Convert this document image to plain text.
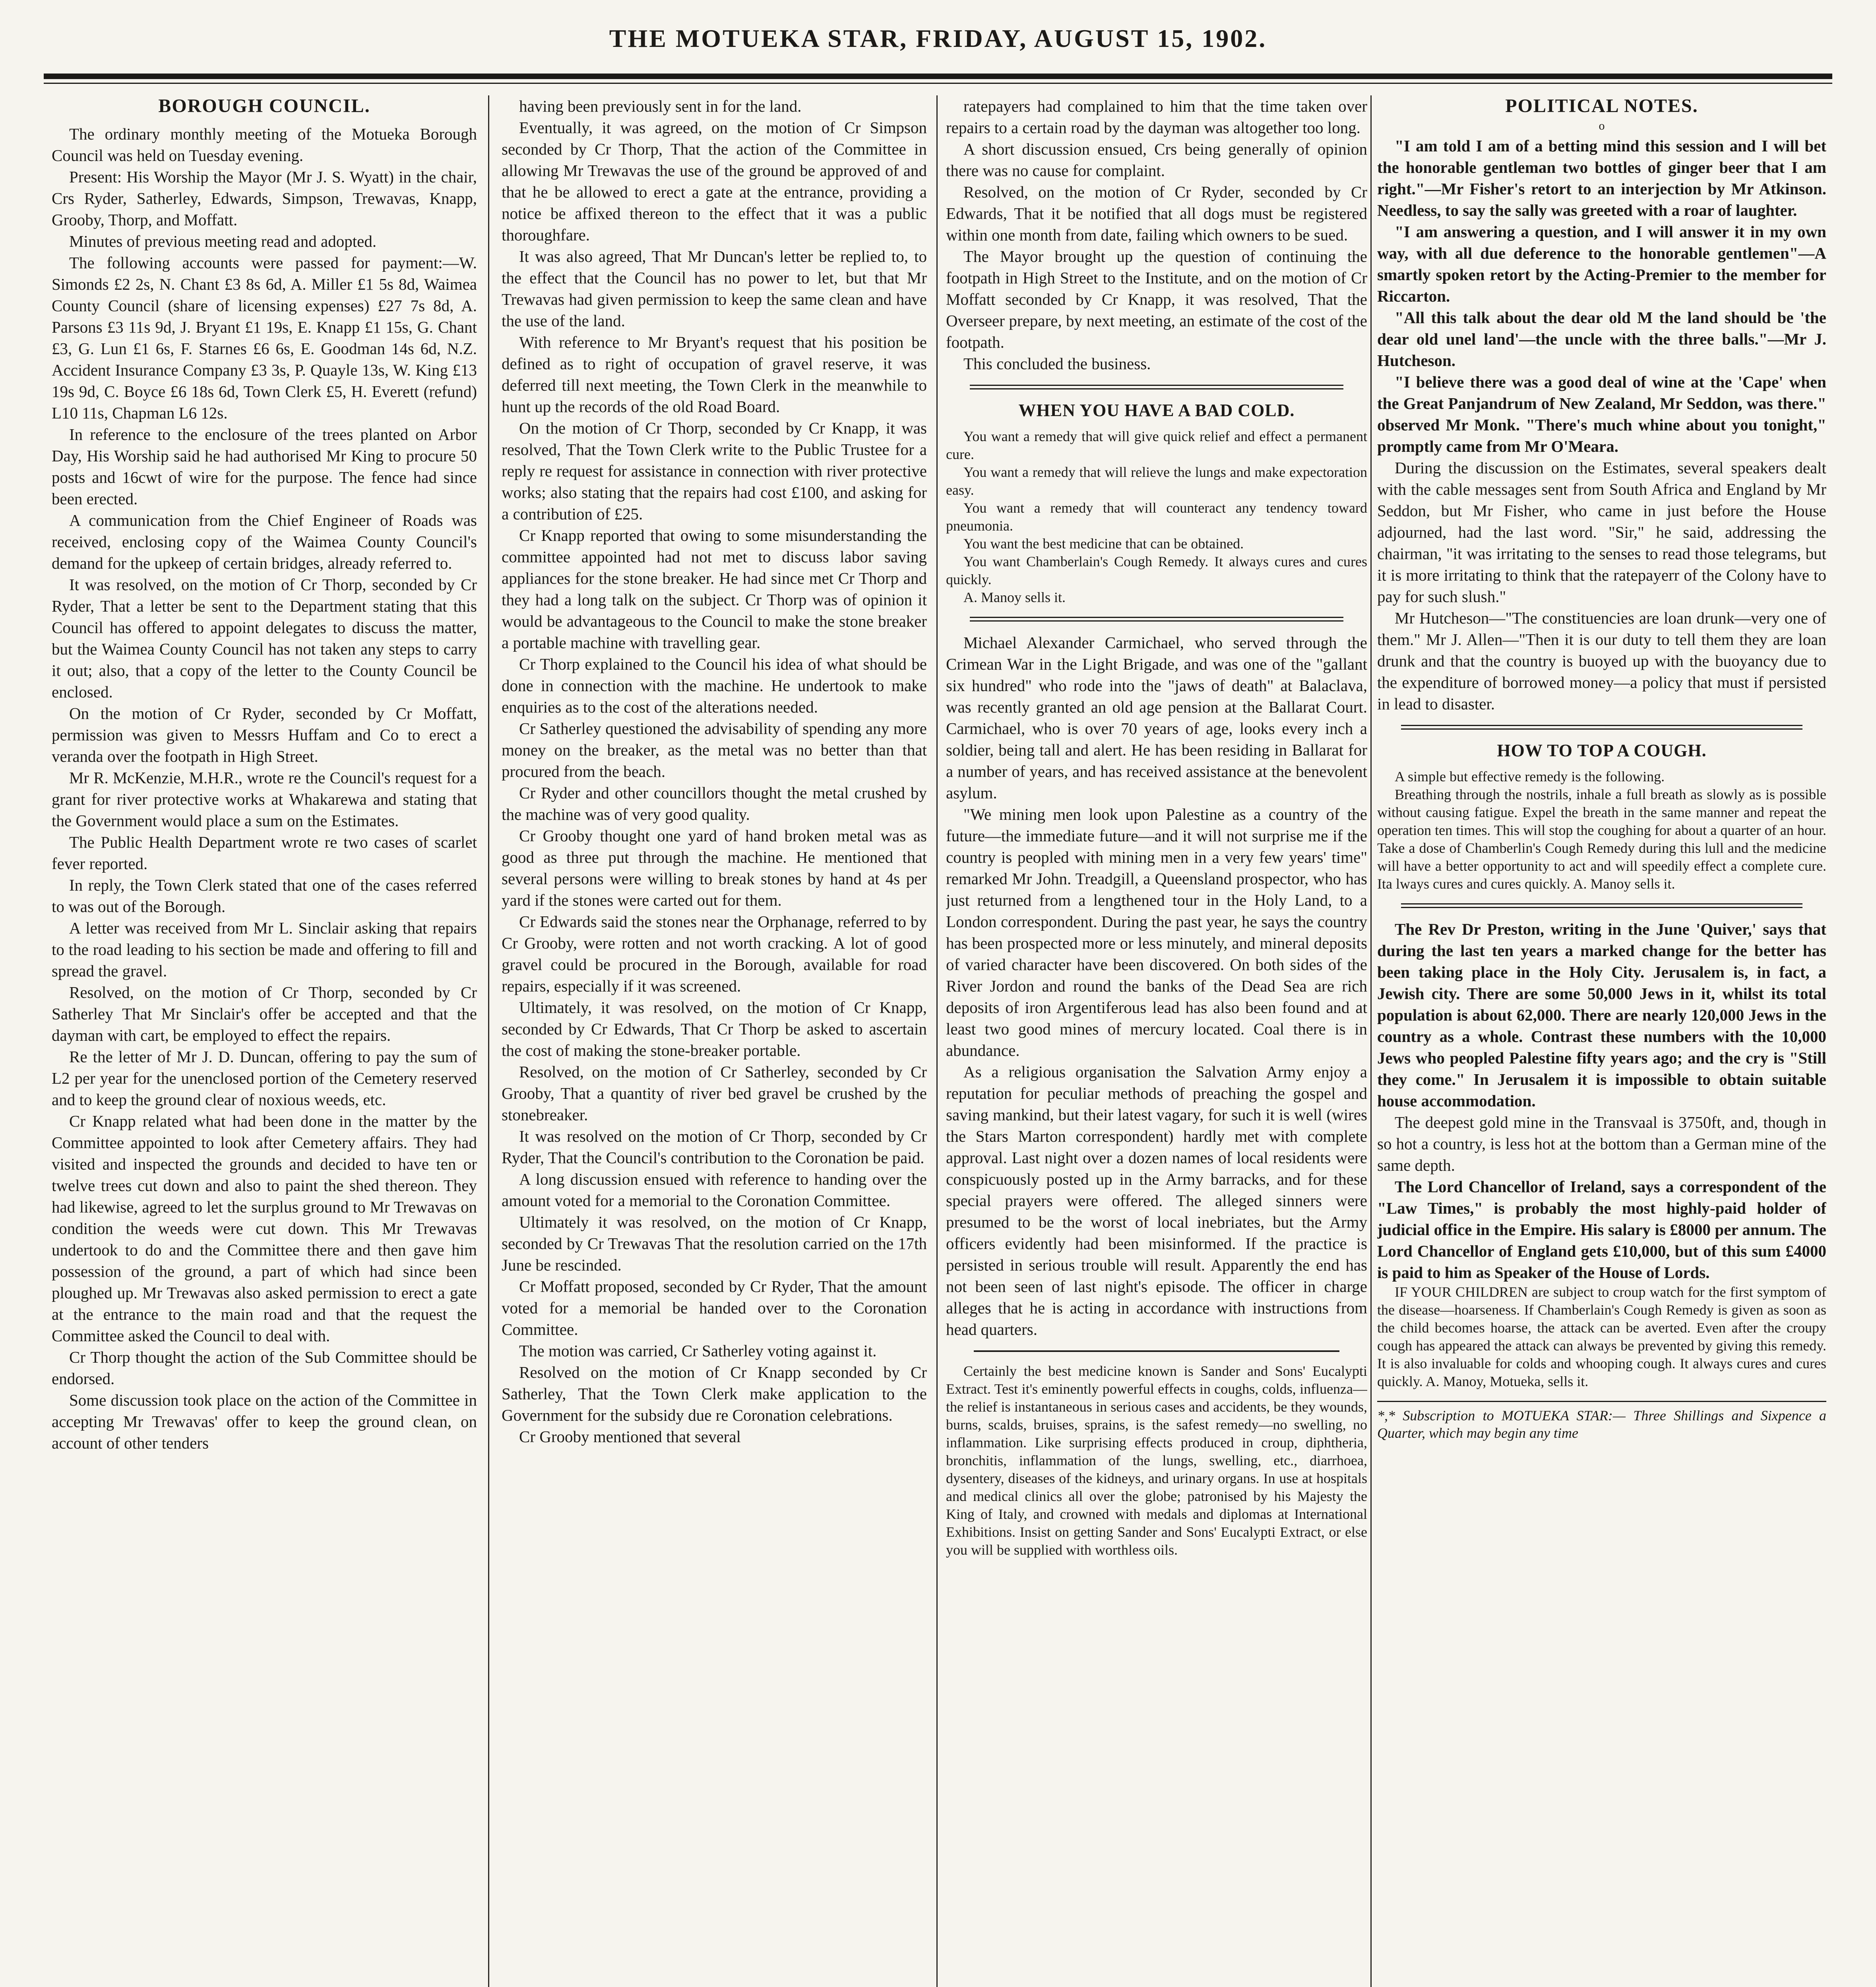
THE MOTUEKA STAR, FRIDAY, AUGUST 15, 1902.
BOROUGH COUNCIL.

The ordinary monthly meeting of the Motueka Borough Council was held on Tuesday evening.

Present: His Worship the Mayor (Mr J. S. Wyatt) in the chair, Crs Ryder, Satherley, Edwards, Simpson, Trewavas, Knapp, Grooby, Thorp, and Moffatt.

Minutes of previous meeting read and adopted.

The following accounts were passed for payment:—W. Simonds £2 2s, N. Chant £3 8s 6d, A. Miller £1 5s 8d, Waimea County Council (share of licensing expenses) £27 7s 8d, A. Parsons £3 11s 9d, J. Bryant £1 19s, E. Knapp £1 15s, G. Chant £3, G. Lun £1 6s, F. Starnes £6 6s, E. Goodman 14s 6d, N.Z. Accident Insurance Company £3 3s, P. Quayle 13s, W. King £13 19s 9d, C. Boyce £6 18s 6d, Town Clerk £5, H. Everett (refund) L10 11s, Chapman L6 12s.

In reference to the enclosure of the trees planted on Arbor Day, His Worship said he had authorised Mr King to procure 50 posts and 16cwt of wire for the purpose. The fence had since been erected.

A communication from the Chief Engineer of Roads was received, enclosing copy of the Waimea County Council's demand for the upkeep of certain bridges, already referred to.

It was resolved, on the motion of Cr Thorp, seconded by Cr Ryder, That a letter be sent to the Department stating that this Council has offered to appoint delegates to discuss the matter, but the Waimea County Council has not taken any steps to carry it out; also, that a copy of the letter to the County Council be enclosed.

On the motion of Cr Ryder, seconded by Cr Moffatt, permission was given to Messrs Huffam and Co to erect a veranda over the footpath in High Street.

Mr R. McKenzie, M.H.R., wrote re the Council's request for a grant for river protective works at Whakarewa and stating that the Government would place a sum on the Estimates.

The Public Health Department wrote re two cases of scarlet fever reported.

In reply, the Town Clerk stated that one of the cases referred to was out of the Borough.

A letter was received from Mr L. Sinclair asking that repairs to the road leading to his section be made and offering to fill and spread the gravel.

Resolved, on the motion of Cr Thorp, seconded by Cr Satherley That Mr Sinclair's offer be accepted and that the dayman with cart, be employed to effect the repairs.

Re the letter of Mr J. D. Duncan, offering to pay the sum of L2 per year for the unenclosed portion of the Cemetery reserved and to keep the ground clear of noxious weeds, etc.

Cr Knapp related what had been done in the matter by the Committee appointed to look after Cemetery affairs. They had visited and inspected the grounds and decided to have ten or twelve trees cut down and also to paint the shed thereon. They had likewise, agreed to let the surplus ground to Mr Trewavas on condition the weeds were cut down. This Mr Trewavas undertook to do and the Committee there and then gave him possession of the ground, a part of which had since been ploughed up. Mr Trewavas also asked permission to erect a gate at the entrance to the main road and that the request the Committee asked the Council to deal with.

Cr Thorp thought the action of the Sub Committee should be endorsed.

Some discussion took place on the action of the Committee in accepting Mr Trewavas' offer to keep the ground clean, on account of other tenders

having been previously sent in for the land.

Eventually, it was agreed, on the motion of Cr Simpson seconded by Cr Thorp, That the action of the Committee in allowing Mr Trewavas the use of the ground be approved of and that he be allowed to erect a gate at the entrance, providing a notice be affixed thereon to the effect that it was a public thoroughfare.

It was also agreed, That Mr Duncan's letter be replied to, to the effect that the Council has no power to let, but that Mr Trewavas had given permission to keep the same clean and have the use of the land.

With reference to Mr Bryant's request that his position be defined as to right of occupation of gravel reserve, it was deferred till next meeting, the Town Clerk in the meanwhile to hunt up the records of the old Road Board.

On the motion of Cr Thorp, seconded by Cr Knapp, it was resolved, That the Town Clerk write to the Public Trustee for a reply re request for assistance in connection with river protective works; also stating that the repairs had cost £100, and asking for a contribution of £25.

Cr Knapp reported that owing to some misunderstanding the committee appointed had not met to discuss labor saving appliances for the stone breaker. He had since met Cr Thorp and they had a long talk on the subject. Cr Thorp was of opinion it would be advantageous to the Council to make the stone breaker a portable machine with travelling gear.

Cr Thorp explained to the Council his idea of what should be done in connection with the machine. He undertook to make enquiries as to the cost of the alterations needed.

Cr Satherley questioned the advisability of spending any more money on the breaker, as the metal was no better than that procured from the beach.

Cr Ryder and other councillors thought the metal crushed by the machine was of very good quality.

Cr Grooby thought one yard of hand broken metal was as good as three put through the machine. He mentioned that several persons were willing to break stones by hand at 4s per yard if the stones were carted out for them.

Cr Edwards said the stones near the Orphanage, referred to by Cr Grooby, were rotten and not worth cracking. A lot of good gravel could be procured in the Borough, available for road repairs, especially if it was screened.

Ultimately, it was resolved, on the motion of Cr Knapp, seconded by Cr Edwards, That Cr Thorp be asked to ascertain the cost of making the stone-breaker portable.

Resolved, on the motion of Cr Satherley, seconded by Cr Grooby, That a quantity of river bed gravel be crushed by the stonebreaker.

It was resolved on the motion of Cr Thorp, seconded by Cr Ryder, That the Council's contribution to the Coronation be paid.

A long discussion ensued with reference to handing over the amount voted for a memorial to the Coronation Committee.

Ultimately it was resolved, on the motion of Cr Knapp, seconded by Cr Trewavas That the resolution carried on the 17th June be rescinded.

Cr Moffatt proposed, seconded by Cr Ryder, That the amount voted for a memorial be handed over to the Coronation Committee.

The motion was carried, Cr Satherley voting against it.

Resolved on the motion of Cr Knapp seconded by Cr Satherley, That the Town Clerk make application to the Government for the subsidy due re Coronation celebrations.

Cr Grooby mentioned that several

ratepayers had complained to him that the time taken over repairs to a certain road by the dayman was altogether too long.

A short discussion ensued, Crs being generally of opinion there was no cause for complaint.

Resolved, on the motion of Cr Ryder, seconded by Cr Edwards, That it be notified that all dogs must be registered within one month from date, failing which owners to be sued.

The Mayor brought up the question of continuing the footpath in High Street to the Institute, and on the motion of Cr Moffatt seconded by Cr Knapp, it was resolved, That the Overseer prepare, by next meeting, an estimate of the cost of the footpath.

This concluded the business.

WHEN YOU HAVE A BAD COLD.

You want a remedy that will give quick relief and effect a permanent cure.

You want a remedy that will relieve the lungs and make expectoration easy.

You want a remedy that will counteract any tendency toward pneumonia.

You want the best medicine that can be obtained.

You want Chamberlain's Cough Remedy. It always cures and cures quickly.

A. Manoy sells it.

Michael Alexander Carmichael, who served through the Crimean War in the Light Brigade, and was one of the "gallant six hundred" who rode into the "jaws of death" at Balaclava, was recently granted an old age pension at the Ballarat Court. Carmichael, who is over 70 years of age, looks every inch a soldier, being tall and alert. He has been residing in Ballarat for a number of years, and has received assistance at the benevolent asylum.

"We mining men look upon Palestine as a country of the future—the immediate future—and it will not surprise me if the country is peopled with mining men in a very few years' time" remarked Mr John. Treadgill, a Queensland prospector, who has just returned from a lengthened tour in the Holy Land, to a London correspondent. During the past year, he says the country has been prospected more or less minutely, and mineral deposits of varied character have been discovered. On both sides of the River Jordon and round the banks of the Dead Sea are rich deposits of iron Argentiferous lead has also been found and at least two good mines of mercury located. Coal there is in abundance.

As a religious organisation the Salvation Army enjoy a reputation for peculiar methods of preaching the gospel and saving mankind, but their latest vagary, for such it is well (wires the Stars Marton correspondent) hardly met with complete approval. Last night over a dozen names of local residents were conspicuously posted up in the Army barracks, and for these special prayers were offered. The alleged sinners were presumed to be the worst of local inebriates, but the Army officers evidently had been misinformed. If the practice is persisted in serious trouble will result. Apparently the end has not been seen of last night's episode. The officer in charge alleges that he is acting in accordance with instructions from head quarters.

Certainly the best medicine known is Sander and Sons' Eucalypti Extract. Test it's eminently powerful effects in coughs, colds, influenza—the relief is instantaneous in serious cases and accidents, be they wounds, burns, scalds, bruises, sprains, is the safest remedy—no swelling, no inflammation. Like surprising effects produced in croup, diphtheria, bronchitis, inflammation of the lungs, swelling, etc., diarrhoea, dysentery, diseases of the kidneys, and urinary organs. In use at hospitals and medical clinics all over the globe; patronised by his Majesty the King of Italy, and crowned with medals and diplomas at International Exhibitions. Insist on getting Sander and Sons' Eucalypti Extract, or else you will be supplied with worthless oils.

POLITICAL NOTES.
o

"I am told I am of a betting mind this session and I will bet the honorable gentleman two bottles of ginger beer that I am right."—Mr Fisher's retort to an interjection by Mr Atkinson. Needless, to say the sally was greeted with a roar of laughter.

"I am answering a question, and I will answer it in my own way, with all due deference to the honorable gentlemen"—A smartly spoken retort by the Acting-Premier to the member for Riccarton.

"All this talk about the dear old M the land should be 'the dear old unel land'—the uncle with the three balls."—Mr J. Hutcheson.

"I believe there was a good deal of wine at the 'Cape' when the Great Panjandrum of New Zealand, Mr Seddon, was there." observed Mr Monk. "There's much whine about you tonight," promptly came from Mr O'Meara.

During the discussion on the Estimates, several speakers dealt with the cable messages sent from South Africa and England by Mr Seddon, but Mr Fisher, who came in just before the House adjourned, had the last word. "Sir," he said, addressing the chairman, "it was irritating to the senses to read those telegrams, but it is more irritating to think that the ratepayerr of the Colony have to pay for such slush."

Mr Hutcheson—"The constituencies are loan drunk—very one of them." Mr J. Allen—"Then it is our duty to tell them they are loan drunk and that the country is buoyed up with the buoyancy due to the expenditure of borrowed money—a policy that must if persisted in lead to disaster.

HOW TO TOP A COUGH.

A simple but effective remedy is the following.

Breathing through the nostrils, inhale a full breath as slowly as is possible without causing fatigue. Expel the breath in the same manner and repeat the operation ten times. This will stop the coughing for about a quarter of an hour. Take a dose of Chamberlin's Cough Remedy during this lull and the medicine will have a better opportunity to act and will speedily effect a complete cure. Ita lways cures and cures quickly. A. Manoy sells it.

The Rev Dr Preston, writing in the June 'Quiver,' says that during the last ten years a marked change for the better has been taking place in the Holy City. Jerusalem is, in fact, a Jewish city. There are some 50,000 Jews in it, whilst its total population is about 62,000. There are nearly 120,000 Jews in the country as a whole. Contrast these numbers with the 10,000 Jews who peopled Palestine fifty years ago; and the cry is "Still they come." In Jerusalem it is impossible to obtain suitable house accommodation.

The deepest gold mine in the Transvaal is 3750ft, and, though in so hot a country, is less hot at the bottom than a German mine of the same depth.

The Lord Chancellor of Ireland, says a correspondent of the "Law Times," is probably the most highly-paid holder of judicial office in the Empire. His salary is £8000 per annum. The Lord Chancellor of England gets £10,000, but of this sum £4000 is paid to him as Speaker of the House of Lords.

IF YOUR CHILDREN are subject to croup watch for the first symptom of the disease—hoarseness. If Chamberlain's Cough Remedy is given as soon as the child becomes hoarse, the attack can be averted. Even after the croupy cough has appeared the attack can always be prevented by giving this remedy. It is also invaluable for colds and whooping cough. It always cures and cures quickly. A. Manoy, Motueka, sells it.

*,* Subscription to MOTUEKA STAR:— Three Shillings and Sixpence a Quarter, which may begin any time
